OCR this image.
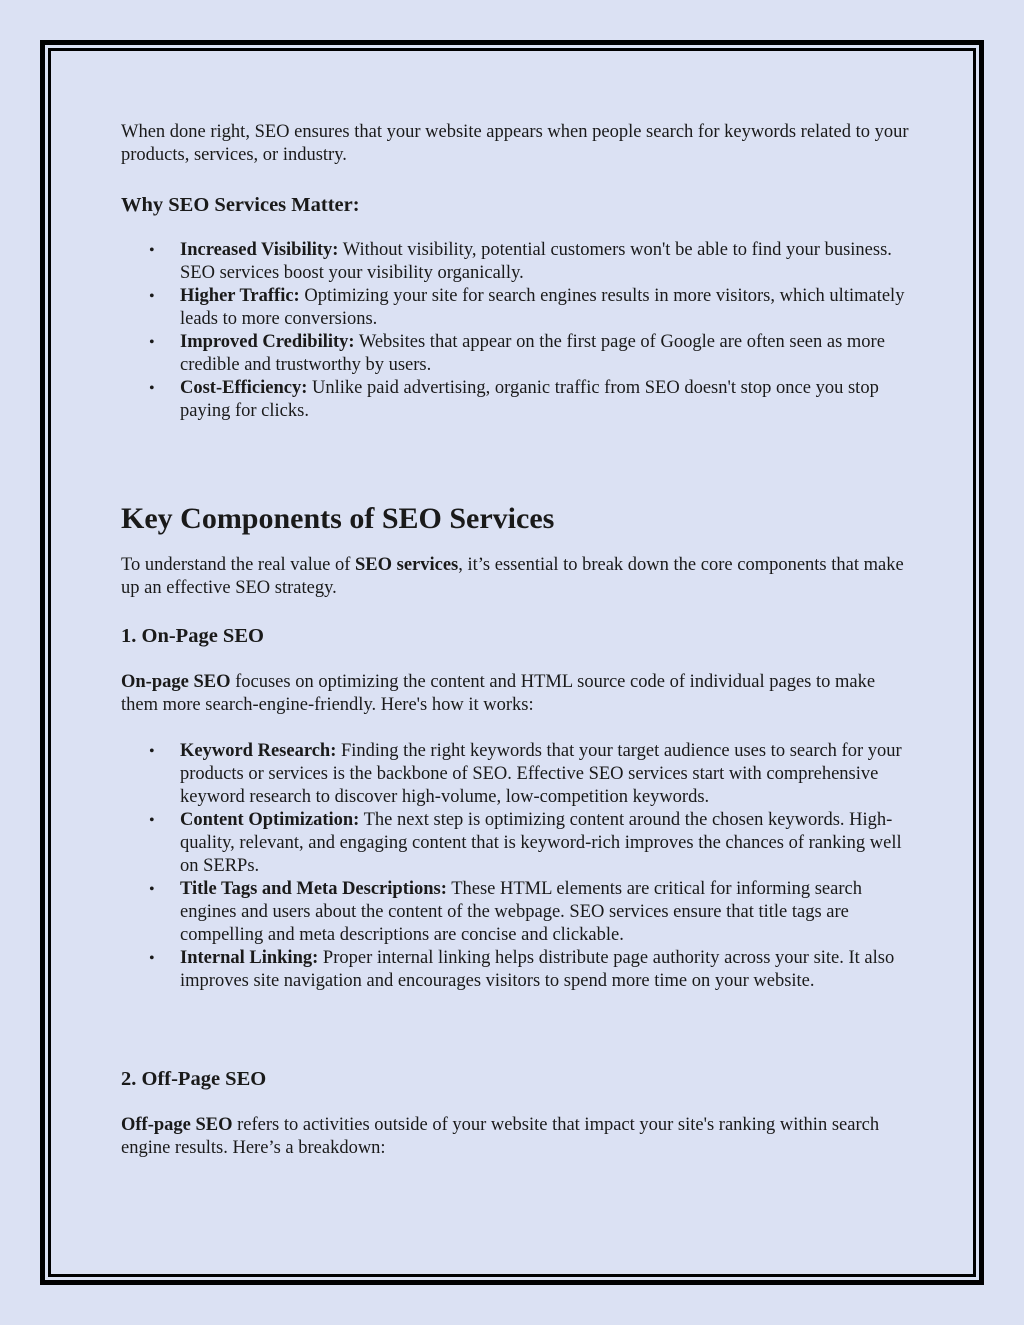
When done right, SEO ensures that your website appears when people search for keywords related to your products, services, or industry.

Why SEO Services Matter:
• Increased Visibility: Without visibility, potential customers won't be able to find your business. SEO services boost your visibility organically.
• Higher Traffic: Optimizing your site for search engines results in more visitors, which ultimately leads to more conversions.
• Improved Credibility: Websites that appear on the first page of Google are often seen as more credible and trustworthy by users.
• Cost-Efficiency: Unlike paid advertising, organic traffic from SEO doesn't stop once you stop paying for clicks.
Key Components of SEO Services

To understand the real value of SEO services, it’s essential to break down the core components that make up an effective SEO strategy.

1. On-Page SEO

On-page SEO focuses on optimizing the content and HTML source code of individual pages to make them more search-engine-friendly. Here's how it works:

• Keyword Research: Finding the right keywords that your target audience uses to search for your products or services is the backbone of SEO. Effective SEO services start with comprehensive keyword research to discover high-volume, low-competition keywords.
• Content Optimization: The next step is optimizing content around the chosen keywords. High-quality, relevant, and engaging content that is keyword-rich improves the chances of ranking well on SERPs.
• Title Tags and Meta Descriptions: These HTML elements are critical for informing search engines and users about the content of the webpage. SEO services ensure that title tags are compelling and meta descriptions are concise and clickable.
• Internal Linking: Proper internal linking helps distribute page authority across your site. It also improves site navigation and encourages visitors to spend more time on your website.
2. Off-Page SEO

Off-page SEO refers to activities outside of your website that impact your site's ranking within search engine results. Here’s a breakdown:
